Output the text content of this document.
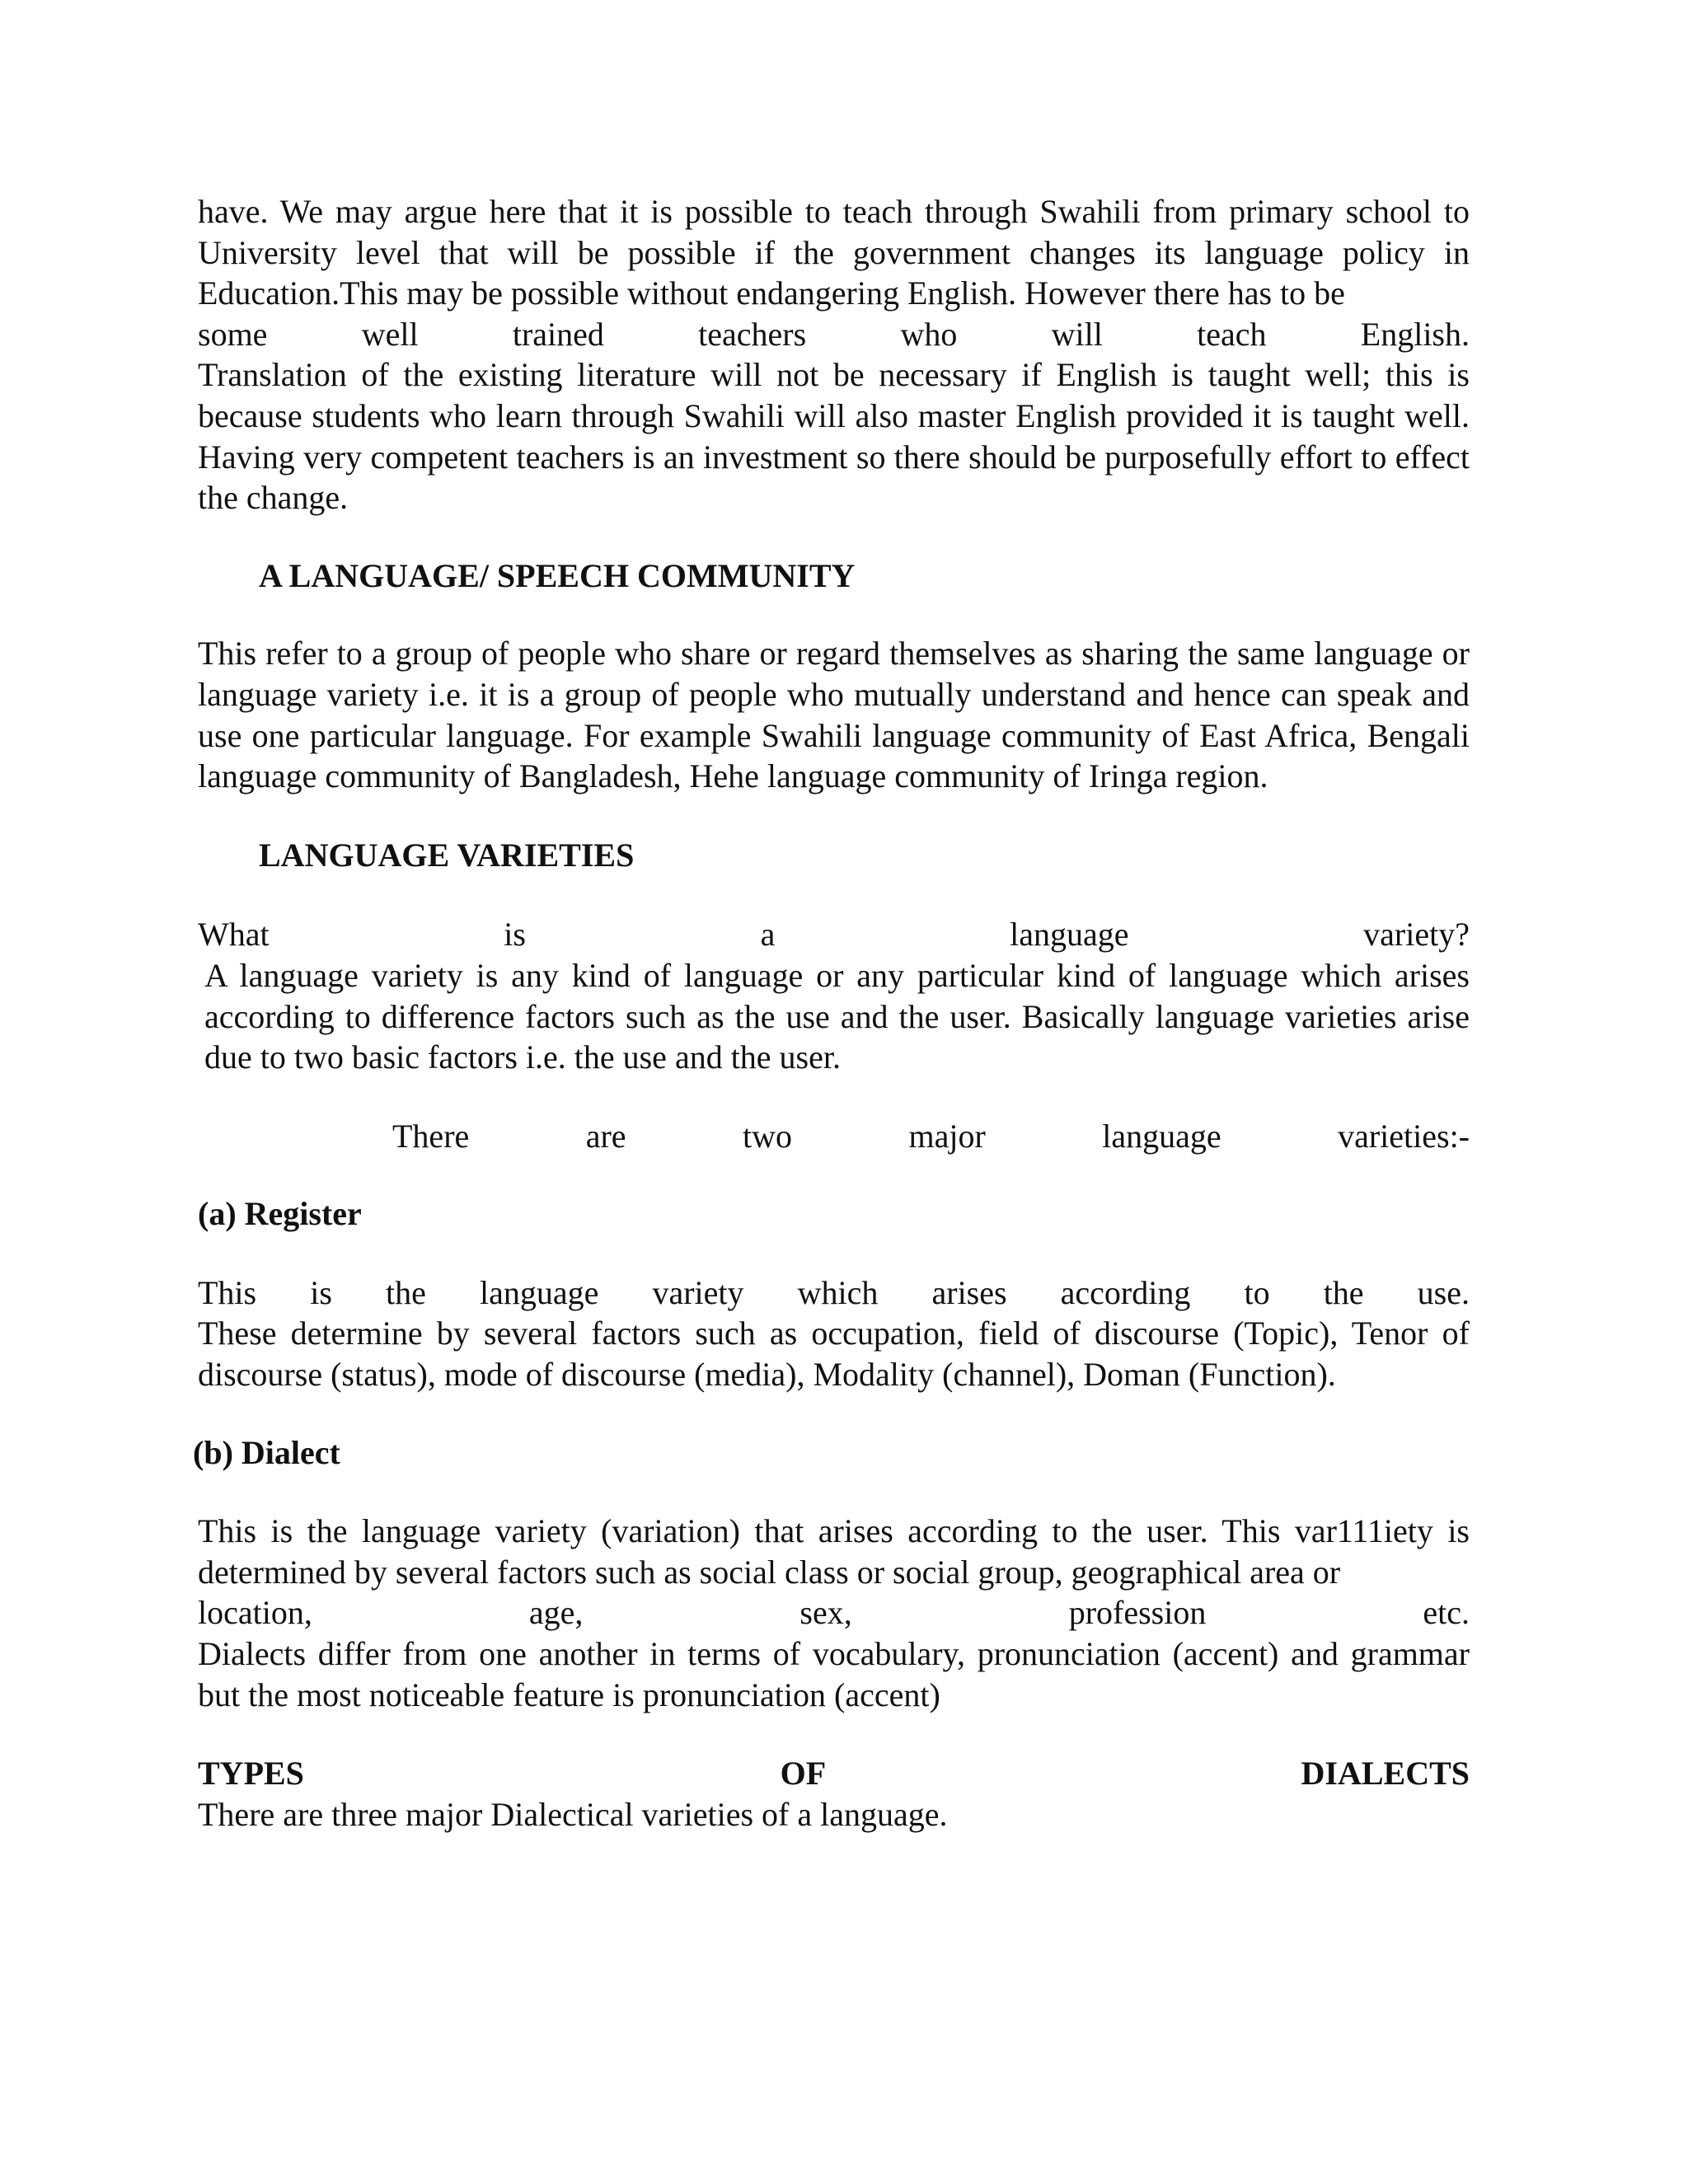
have. We may argue here that it is possible to teach through Swahili from primary school to University level that will be possible if the government changes its language policy in Education.This may be possible without endangering English. However there has to be

some well trained teachers who will teach English.

Translation of the existing literature will not be necessary if English is taught well; this is because students who learn through Swahili will also master English provided it is taught well. Having very competent teachers is an investment so there should be purposefully effort to effect the change.

A LANGUAGE/ SPEECH COMMUNITY

This refer to a group of people who share or regard themselves as sharing the same language or language variety i.e. it is a group of people who mutually understand and hence can speak and use one particular language. For example Swahili language community of East Africa, Bengali language community of Bangladesh, Hehe language community of Iringa region.

LANGUAGE VARIETIES

What is a language variety?

A language variety is any kind of language or any particular kind of language which arises according to difference factors such as the use and the user. Basically language varieties arise due to two basic factors i.e. the use and the user.

There are two major language varieties:-

(a) Register

This is the language variety which arises according to the use.

These determine by several factors such as occupation, field of discourse (Topic), Tenor of discourse (status), mode of discourse (media), Modality (channel), Doman (Function).

(b) Dialect

This is the language variety (variation) that arises according to the user. This var111iety is determined by several factors such as social class or social group, geographical area or

location, age, sex, profession etc.

Dialects differ from one another in terms of vocabulary, pronunciation (accent) and grammar but the most noticeable feature is pronunciation (accent)

TYPES OF DIALECTS

There are three major Dialectical varieties of a language.
